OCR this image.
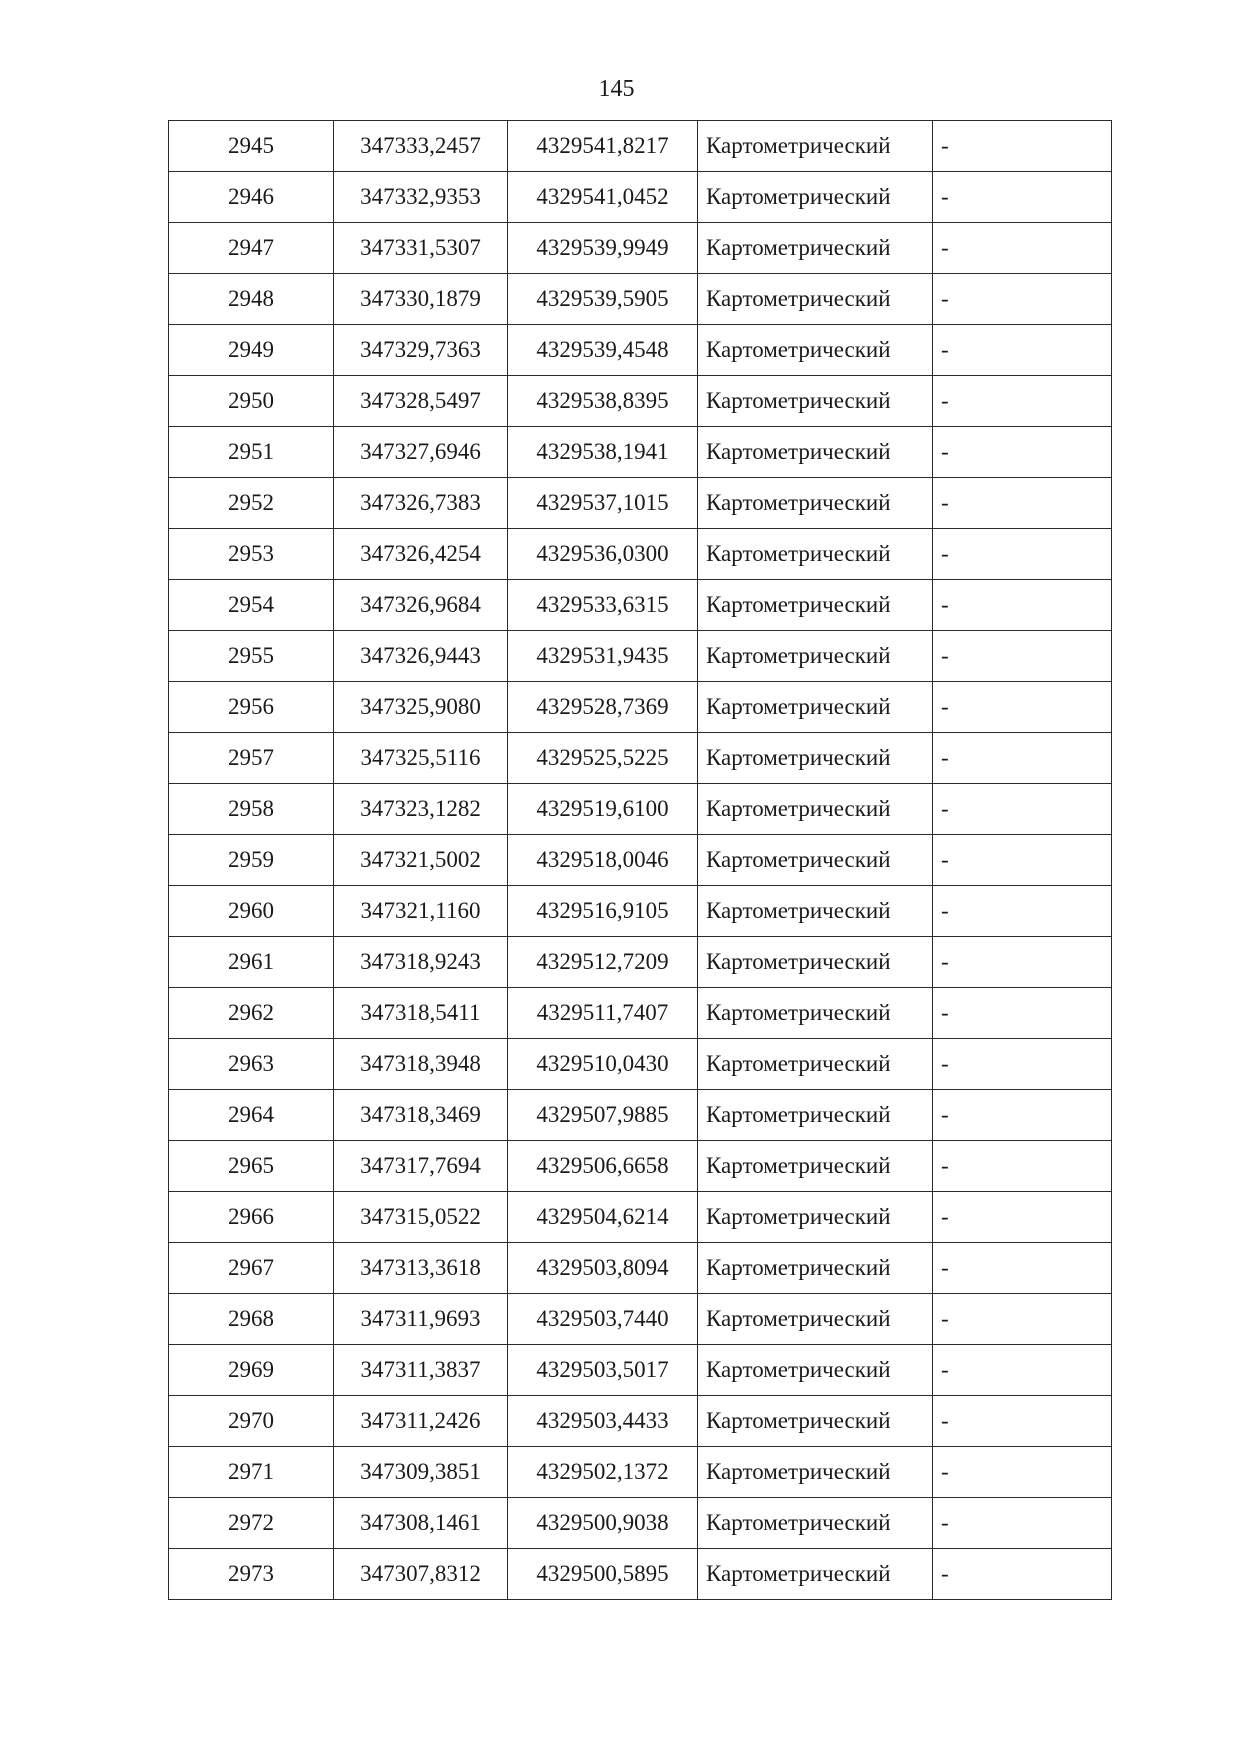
145
2945	347333,2457	4329541,8217	Картометрический	-
2946	347332,9353	4329541,0452	Картометрический	-
2947	347331,5307	4329539,9949	Картометрический	-
2948	347330,1879	4329539,5905	Картометрический	-
2949	347329,7363	4329539,4548	Картометрический	-
2950	347328,5497	4329538,8395	Картометрический	-
2951	347327,6946	4329538,1941	Картометрический	-
2952	347326,7383	4329537,1015	Картометрический	-
2953	347326,4254	4329536,0300	Картометрический	-
2954	347326,9684	4329533,6315	Картометрический	-
2955	347326,9443	4329531,9435	Картометрический	-
2956	347325,9080	4329528,7369	Картометрический	-
2957	347325,5116	4329525,5225	Картометрический	-
2958	347323,1282	4329519,6100	Картометрический	-
2959	347321,5002	4329518,0046	Картометрический	-
2960	347321,1160	4329516,9105	Картометрический	-
2961	347318,9243	4329512,7209	Картометрический	-
2962	347318,5411	4329511,7407	Картометрический	-
2963	347318,3948	4329510,0430	Картометрический	-
2964	347318,3469	4329507,9885	Картометрический	-
2965	347317,7694	4329506,6658	Картометрический	-
2966	347315,0522	4329504,6214	Картометрический	-
2967	347313,3618	4329503,8094	Картометрический	-
2968	347311,9693	4329503,7440	Картометрический	-
2969	347311,3837	4329503,5017	Картометрический	-
2970	347311,2426	4329503,4433	Картометрический	-
2971	347309,3851	4329502,1372	Картометрический	-
2972	347308,1461	4329500,9038	Картометрический	-
2973	347307,8312	4329500,5895	Картометрический	-
